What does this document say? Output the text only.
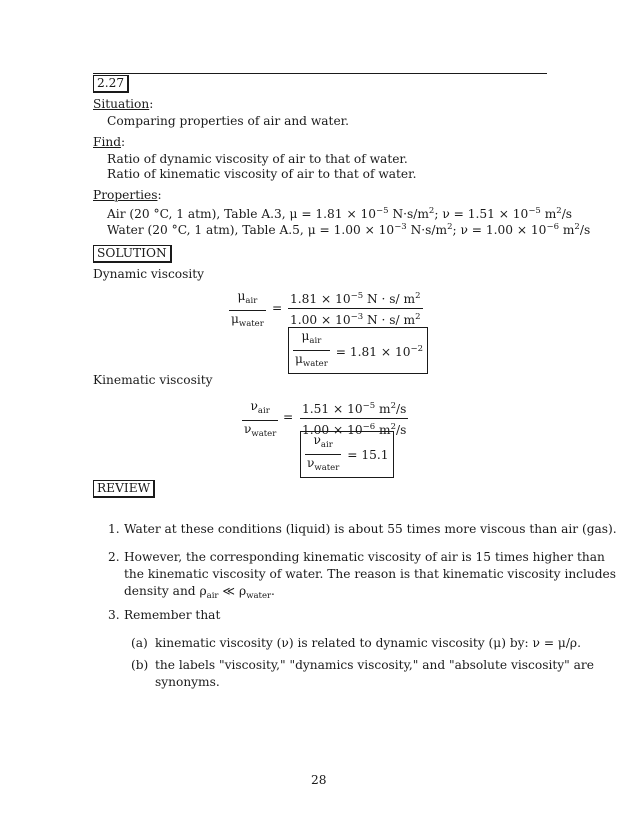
2.27
Situation:
Comparing properties of air and water.
Find:
Ratio of dynamic viscosity of air to that of water.
Ratio of kinematic viscosity of air to that of water.
Properties:
Air (20 °C, 1 atm), Table A.3, $\mu = 1.81 \times 10^{-5}$ $N\cdot s/m^2$; $\nu = 1.51 \times 10^{-5}$ $m^2/s$
Water (20 °C, 1 atm), Table A.5, $\mu = 1.00 \times 10^{-3}$ $N\cdot s/m^2$; $\nu = 1.00 \times 10^{-6}$ $m^2/s$
SOLUTION
Dynamic viscosity
$\frac{\mu_{air}}{\mu_{water}} = \frac{1.81 \times 10^{-5} N \cdot s/ m^2}{1.00 \times 10^{-3} N \cdot s/ m^2}$
$\frac{\mu_{air}}{\mu_{water}} = 1.81 \times 10^{-2}$
Kinematic viscosity
$\frac{\nu_{air}}{\nu_{water}} = \frac{1.51 \times 10^{-5} m^2/s}{1.00 \times 10^{-6} m^2/s}$
$\frac{\nu_{air}}{\nu_{water}} = 15.1$
REVIEW
1. Water at these conditions (liquid) is about 55 times more viscous than air (gas).
2. However, the corresponding kinematic viscosity of air is 15 times higher than
the kinematic viscosity of water. The reason is that kinematic viscosity includes
density and $\rho_{air}$ ≪ $\rho_{water}$.
3. Remember that
(a) kinematic viscosity (ν) is related to dynamic viscosity (μ) by: ν = μ/ρ.
(b) the labels "viscosity," "dynamics viscosity," and "absolute viscosity" are
synonyms.
28
